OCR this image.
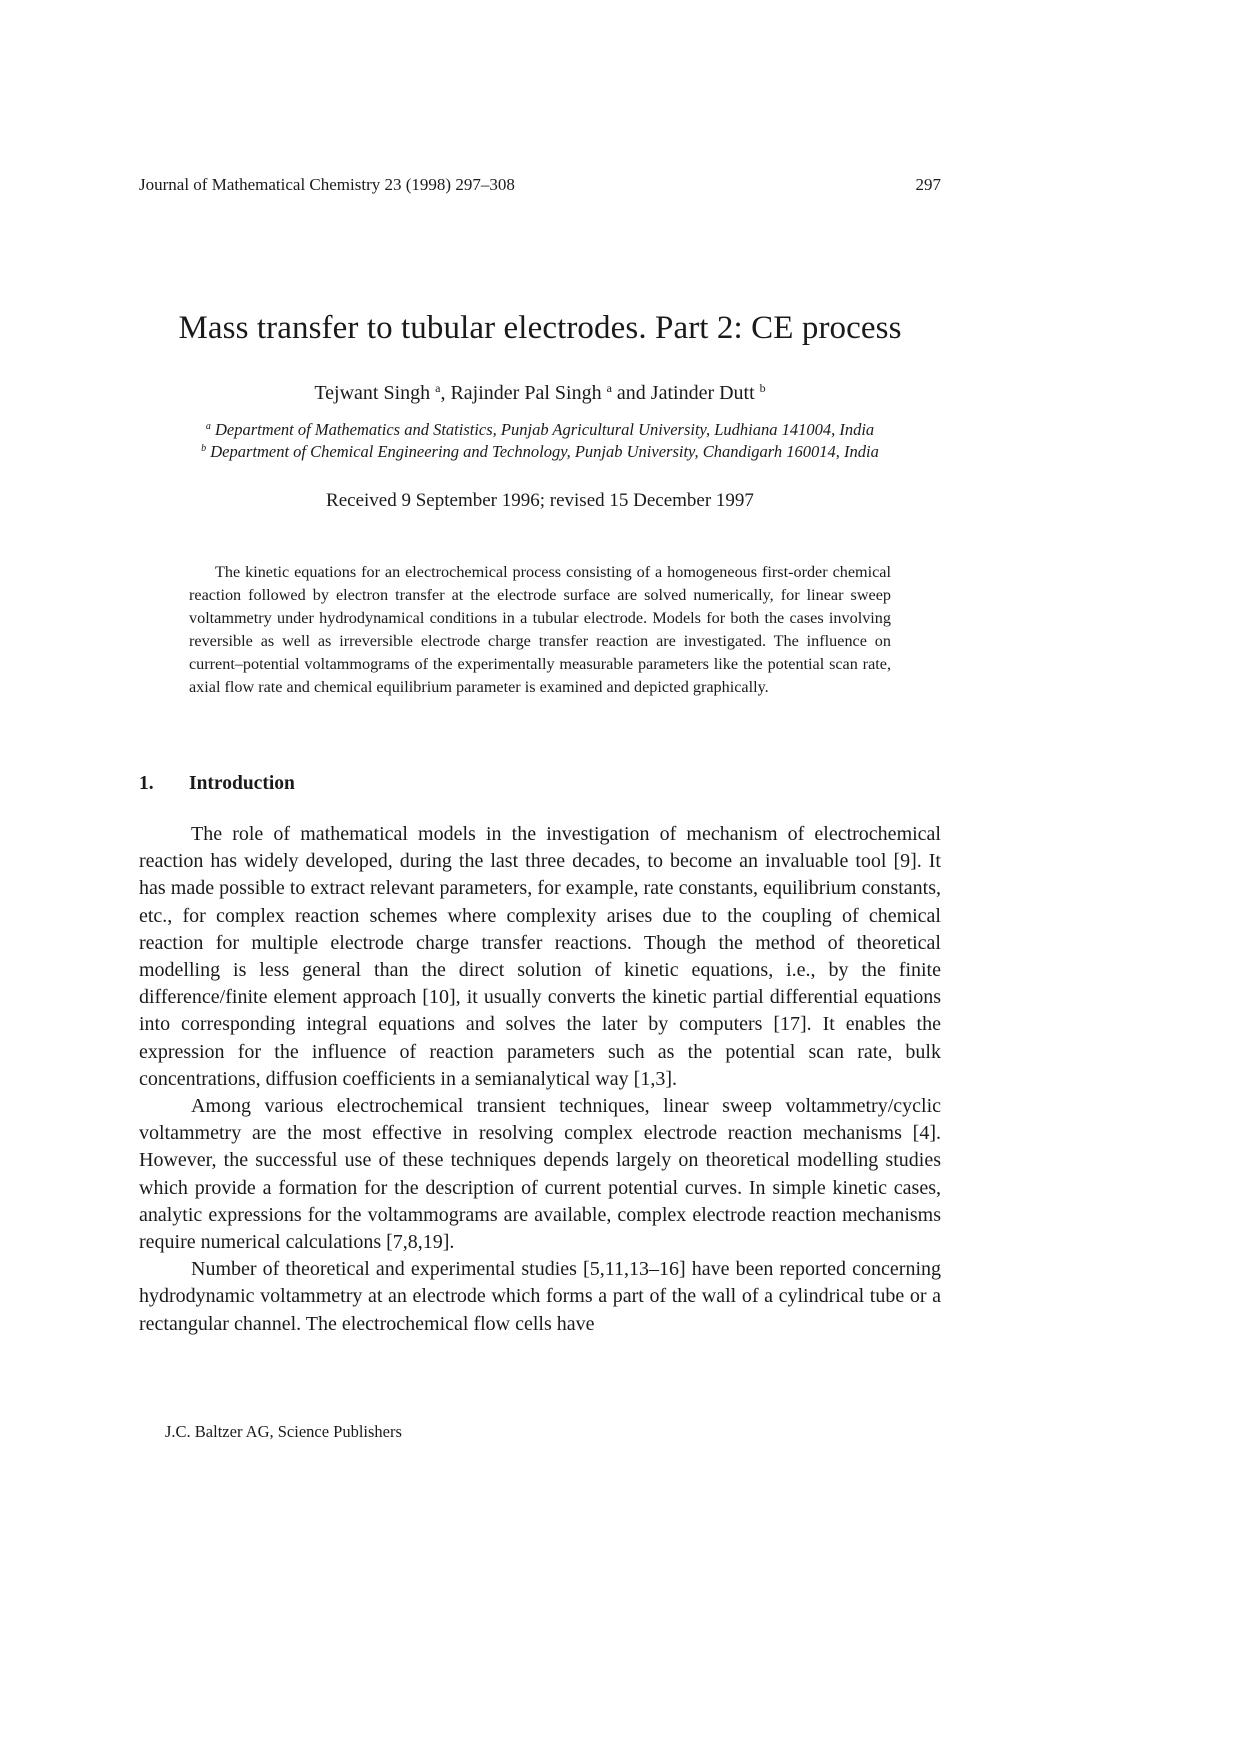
Journal of Mathematical Chemistry 23 (1998) 297–308	297
Mass transfer to tubular electrodes. Part 2: CE process
Tejwant Singh $^a$, Rajinder Pal Singh $^a$ and Jatinder Dutt $^b$
$^a$ Department of Mathematics and Statistics, Punjab Agricultural University, Ludhiana 141004, India
$^b$ Department of Chemical Engineering and Technology, Punjab University, Chandigarh 160014, India
Received 9 September 1996; revised 15 December 1997

The kinetic equations for an electrochemical process consisting of a homogeneous first-order chemical reaction followed by electron transfer at the electrode surface are solved numerically, for linear sweep voltammetry under hydrodynamical conditions in a tubular electrode. Models for both the cases involving reversible as well as irreversible electrode charge transfer reaction are investigated. The influence on current–potential voltammograms of the experimentally measurable parameters like the potential scan rate, axial flow rate and chemical equilibrium parameter is examined and depicted graphically.

1. Introduction

The role of mathematical models in the investigation of mechanism of electrochemical reaction has widely developed, during the last three decades, to become an invaluable tool [9]. It has made possible to extract relevant parameters, for example, rate constants, equilibrium constants, etc., for complex reaction schemes where complexity arises due to the coupling of chemical reaction for multiple electrode charge transfer reactions. Though the method of theoretical modelling is less general than the direct solution of kinetic equations, i.e., by the finite difference/finite element approach [10], it usually converts the kinetic partial differential equations into corresponding integral equations and solves the later by computers [17]. It enables the expression for the influence of reaction parameters such as the potential scan rate, bulk concentrations, diffusion coefficients in a semianalytical way [1,3].

Among various electrochemical transient techniques, linear sweep voltammetry/cyclic voltammetry are the most effective in resolving complex electrode reaction mechanisms [4]. However, the successful use of these techniques depends largely on theoretical modelling studies which provide a formation for the description of current potential curves. In simple kinetic cases, analytic expressions for the voltammograms are available, complex electrode reaction mechanisms require numerical calculations [7,8,19].

Number of theoretical and experimental studies [5,11,13–16] have been reported concerning hydrodynamic voltammetry at an electrode which forms a part of the wall of a cylindrical tube or a rectangular channel. The electrochemical flow cells have

J.C. Baltzer AG, Science Publishers
